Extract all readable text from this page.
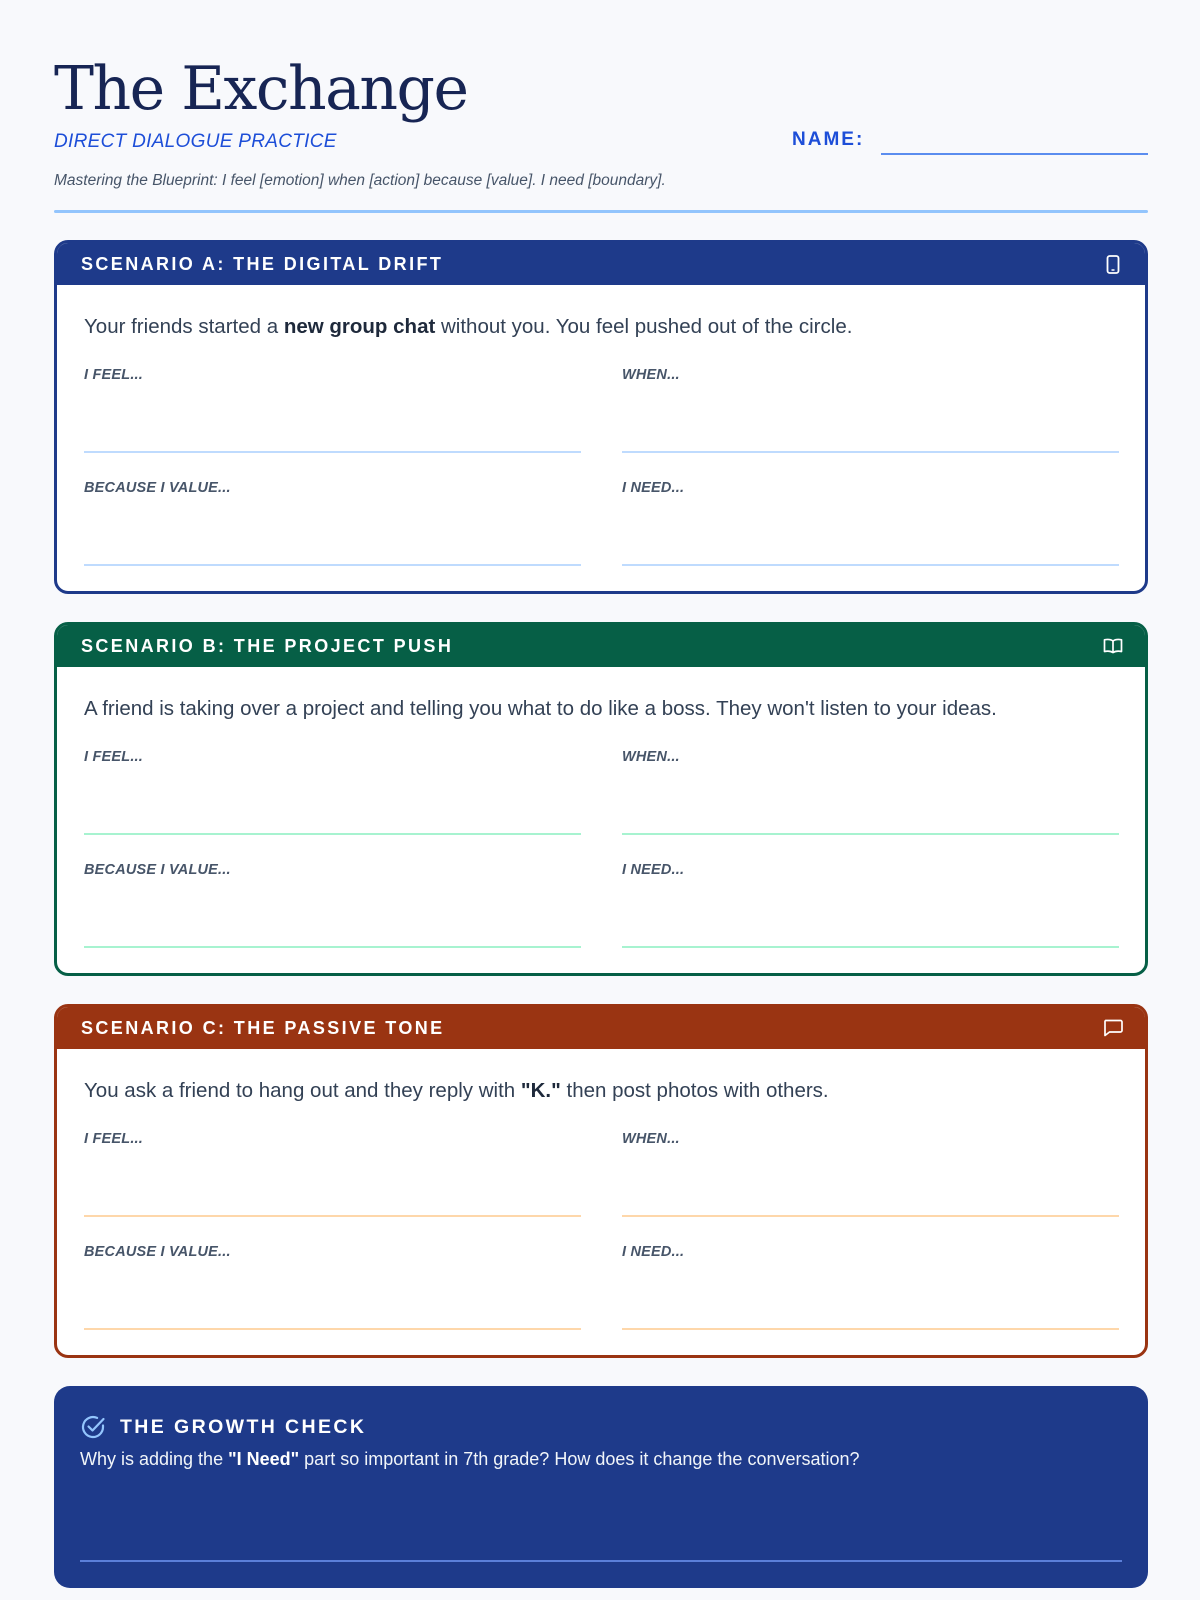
The Exchange
DIRECT DIALOGUE PRACTICE	NAME:
Mastering the Blueprint: I feel [emotion] when [action] because [value]. I need [boundary].
SCENARIO A: THE DIGITAL DRIFT
Your friends started a new group chat without you. You feel pushed out of the circle.
I FEEL...	WHEN...
BECAUSE I VALUE...	I NEED...
SCENARIO B: THE PROJECT PUSH
A friend is taking over a project and telling you what to do like a boss. They won't listen to your ideas.
I FEEL...	WHEN...
BECAUSE I VALUE...	I NEED...
SCENARIO C: THE PASSIVE TONE
You ask a friend to hang out and they reply with "K." then post photos with others.
I FEEL...	WHEN...
BECAUSE I VALUE...	I NEED...
THE GROWTH CHECK
Why is adding the "I Need" part so important in 7th grade? How does it change the conversation?
